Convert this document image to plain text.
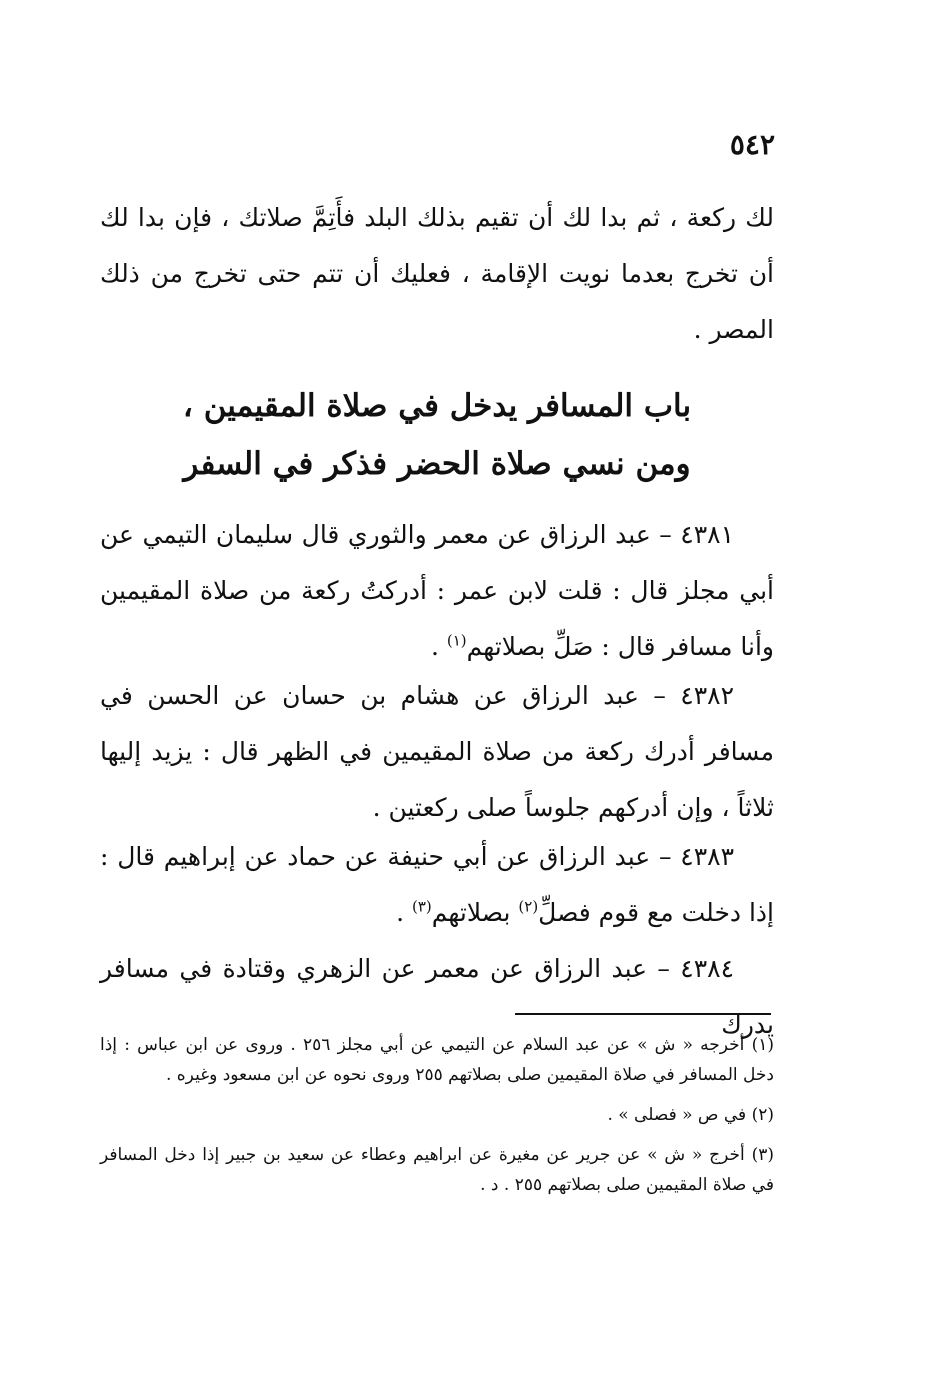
٥٤٢

لك ركعة ، ثم بدا لك أن تقيم بذلك البلد فأَتِمَّ صلاتك ، فإن بدا لك أن تخرج بعدما نويت الإقامة ، فعليك أن تتم حتى تخرج من ذلك المصر .

باب المسافر يدخل في صلاة المقيمين ،
ومن نسي صلاة الحضر فذكر في السفر

٤٣٨١ – عبد الرزاق عن معمر والثوري قال سليمان التيمي عن أبي مجلز قال : قلت لابن عمر : أدركتُ ركعة من صلاة المقيمين وأنا مسافر قال : صَلِّ بصلاتهم$^{(١)}$ .

٤٣٨٢ – عبد الرزاق عن هشام بن حسان عن الحسن في مسافر أدرك ركعة من صلاة المقيمين في الظهر قال : يزيد إليها ثلاثاً ، وإن أدركهم جلوساً صلى ركعتين .

٤٣٨٣ – عبد الرزاق عن أبي حنيفة عن حماد عن إبراهيم قال : إذا دخلت مع قوم فصلِّ$^{(٢)}$ بصلاتهم$^{(٣)}$ .

٤٣٨٤ – عبد الرزاق عن معمر عن الزهري وقتادة في مسافر يدرك

(١) أخرجه « ش » عن عبد السلام عن التيمي عن أبي مجلز ٢٥٦ . وروى عن ابن عباس : إذا دخل المسافر في صلاة المقيمين صلى بصلاتهم ٢٥٥ وروى نحوه عن ابن مسعود وغيره .

(٢) في ص « فصلى » .

(٣) أخرج « ش » عن جرير عن مغيرة عن ابراهيم وعطاء عن سعيد بن جبير إذا دخل المسافر في صلاة المقيمين صلى بصلاتهم ٢٥٥ . د .
